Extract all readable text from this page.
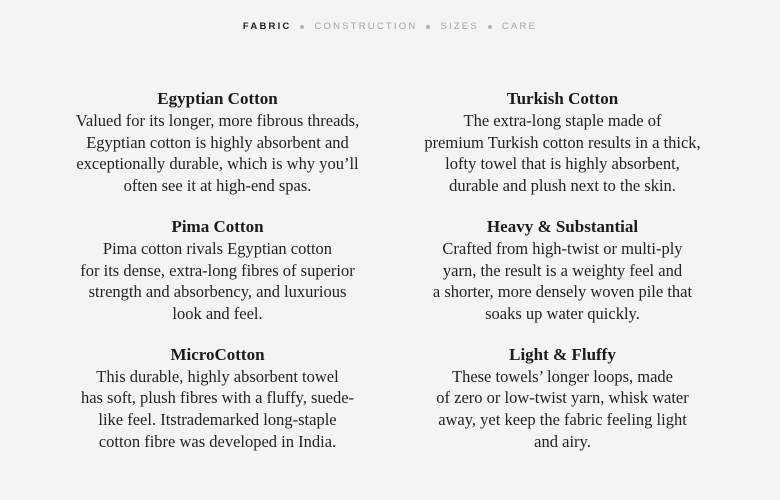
FABRIC CONSTRUCTION SIZES CARE
Egyptian Cotton

Valued for its longer, more fibrous threads,
Egyptian cotton is highly absorbent and
exceptionally durable, which is why you’ll
often see it at high-end spas.

Turkish Cotton

The extra-long staple made of
premium Turkish cotton results in a thick,
lofty towel that is highly absorbent,
durable and plush next to the skin.

Pima Cotton

Pima cotton rivals Egyptian cotton
for its dense, extra-long fibres of superior
strength and absorbency, and luxurious
look and feel.

Heavy & Substantial

Crafted from high-twist or multi-ply
yarn, the result is a weighty feel and
a shorter, more densely woven pile that
soaks up water quickly.

MicroCotton

This durable, highly absorbent towel
has soft, plush fibres with a fluffy, suede-
like feel. Itstrademarked long-staple
cotton fibre was developed in India.

Light & Fluffy

These towels’ longer loops, made
of zero or low-twist yarn, whisk water
away, yet keep the fabric feeling light
and airy.
